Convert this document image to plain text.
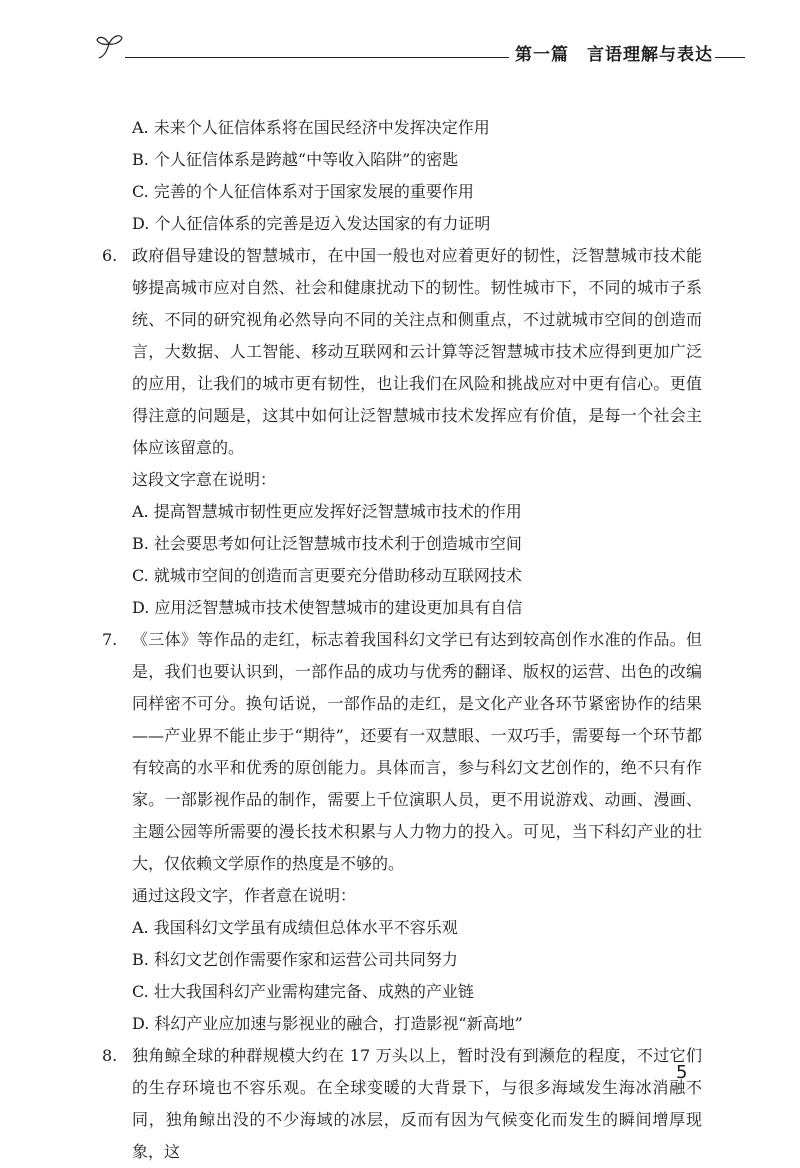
第一篇　言语理解与表达
A. 未来个人征信体系将在国民经济中发挥决定作用
B. 个人征信体系是跨越“中等收入陷阱”的密匙
C. 完善的个人征信体系对于国家发展的重要作用
D. 个人征信体系的完善是迈入发达国家的有力证明
6. 政府倡导建设的智慧城市，在中国一般也对应着更好的韧性，泛智慧城市技术能够提高城市应对自然、社会和健康扰动下的韧性。韧性城市下，不同的城市子系统、不同的研究视角必然导向不同的关注点和侧重点，不过就城市空间的创造而言，大数据、人工智能、移动互联网和云计算等泛智慧城市技术应得到更加广泛的应用，让我们的城市更有韧性，也让我们在风险和挑战应对中更有信心。更值得注意的问题是，这其中如何让泛智慧城市技术发挥应有价值，是每一个社会主体应该留意的。
这段文字意在说明：
A. 提高智慧城市韧性更应发挥好泛智慧城市技术的作用
B. 社会要思考如何让泛智慧城市技术利于创造城市空间
C. 就城市空间的创造而言更要充分借助移动互联网技术
D. 应用泛智慧城市技术使智慧城市的建设更加具有自信
7. 《三体》等作品的走红，标志着我国科幻文学已有达到较高创作水准的作品。但是，我们也要认识到，一部作品的成功与优秀的翻译、版权的运营、出色的改编同样密不可分。换句话说，一部作品的走红，是文化产业各环节紧密协作的结果——产业界不能止步于“期待”，还要有一双慧眼、一双巧手，需要每一个环节都有较高的水平和优秀的原创能力。具体而言，参与科幻文艺创作的，绝不只有作家。一部影视作品的制作，需要上千位演职人员，更不用说游戏、动画、漫画、主题公园等所需要的漫长技术积累与人力物力的投入。可见，当下科幻产业的壮大，仅依赖文学原作的热度是不够的。
通过这段文字，作者意在说明：
A. 我国科幻文学虽有成绩但总体水平不容乐观
B. 科幻文艺创作需要作家和运营公司共同努力
C. 壮大我国科幻产业需构建完备、成熟的产业链
D. 科幻产业应加速与影视业的融合，打造影视“新高地”
8. 独角鲸全球的种群规模大约在 17 万头以上，暂时没有到濒危的程度，不过它们的生存环境也不容乐观。在全球变暖的大背景下，与很多海域发生海冰消融不同，独角鲸出没的不少海域的冰层，反而有因为气候变化而发生的瞬间增厚现象，这
5
